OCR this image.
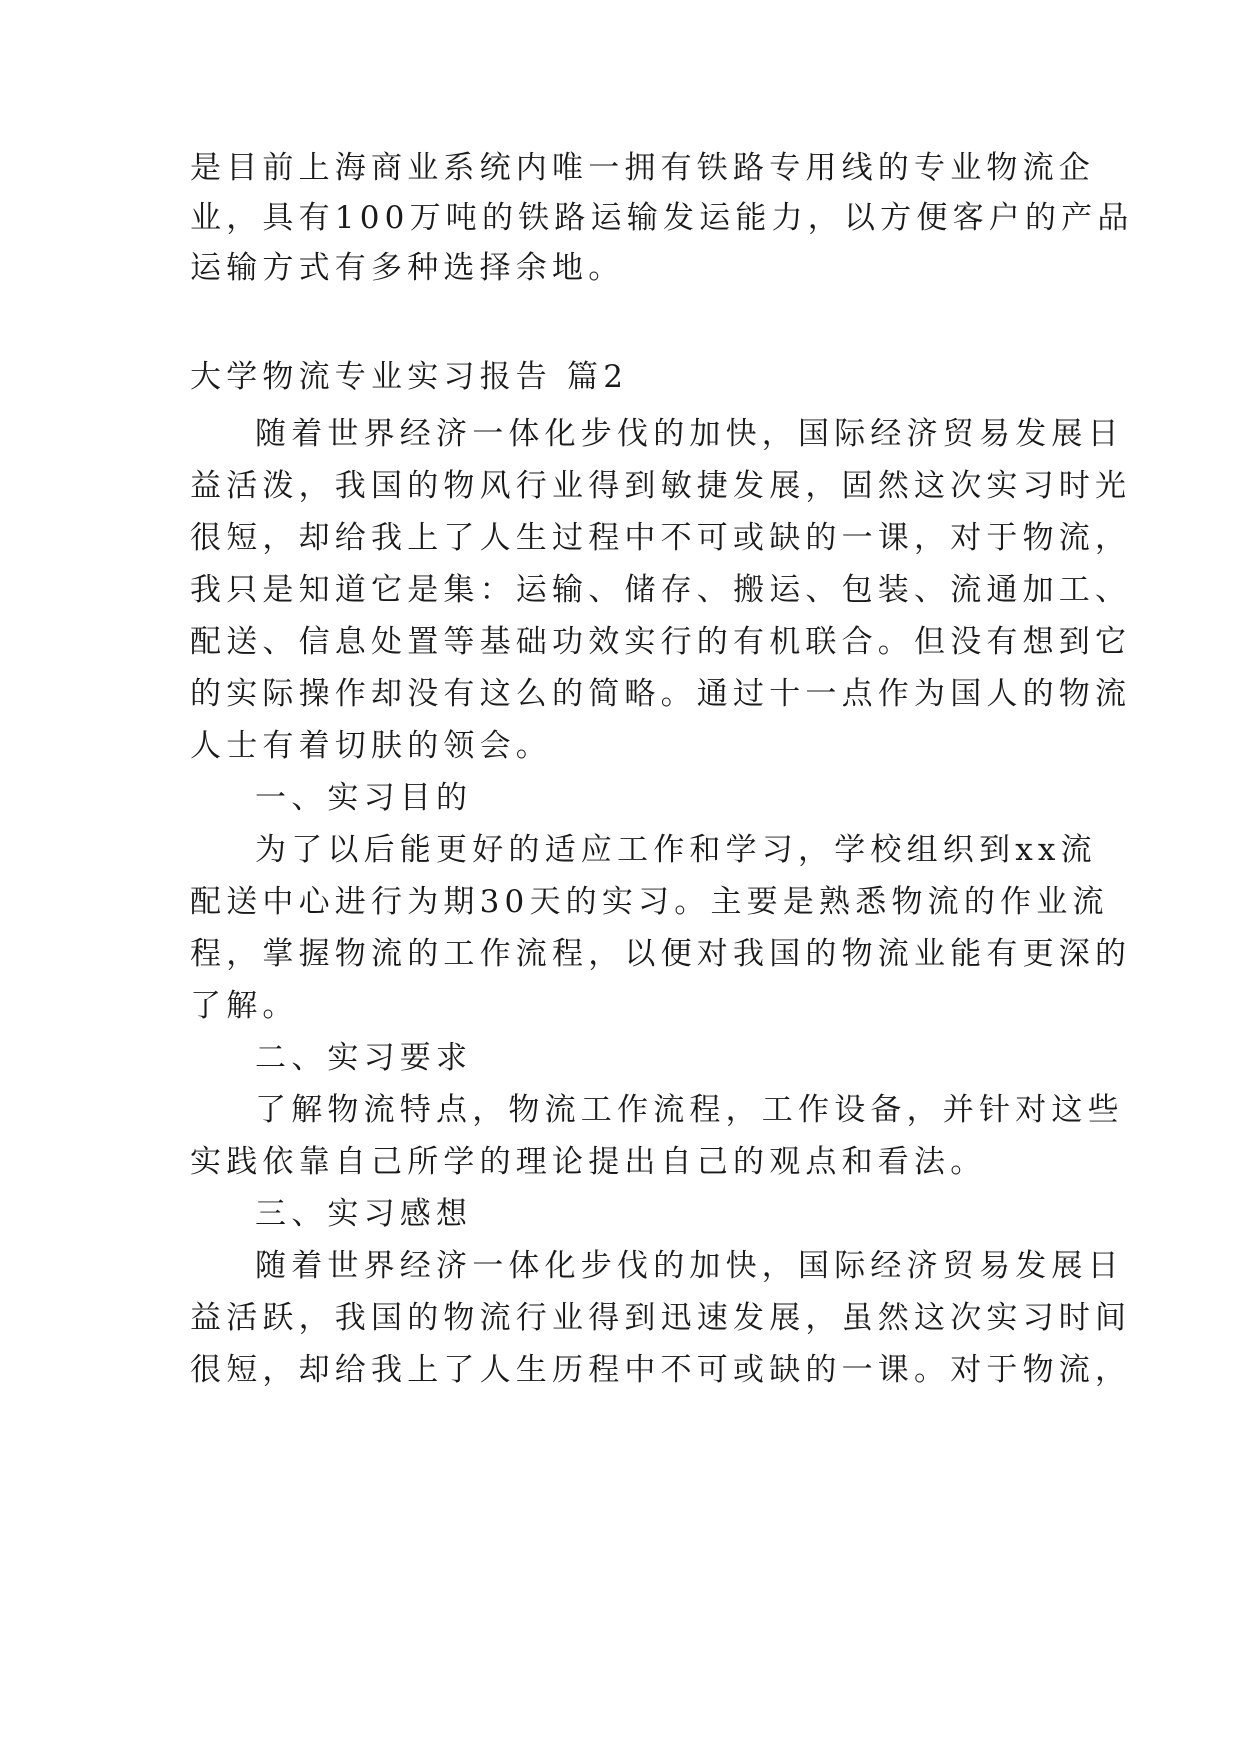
是目前上海商业系统内唯一拥有铁路专用线的专业物流企
业，具有100万吨的铁路运输发运能力，以方便客户的产品
运输方式有多种选择余地。
大学物流专业实习报告 篇2
随着世界经济一体化步伐的加快，国际经济贸易发展日
益活泼，我国的物风行业得到敏捷发展，固然这次实习时光
很短，却给我上了人生过程中不可或缺的一课，对于物流，
我只是知道它是集：运输、储存、搬运、包装、流通加工、
配送、信息处置等基础功效实行的有机联合。但没有想到它
的实际操作却没有这么的简略。通过十一点作为国人的物流
人士有着切肤的领会。
一、实习目的
为了以后能更好的适应工作和学习，学校组织到xx流
配送中心进行为期30天的实习。主要是熟悉物流的作业流
程，掌握物流的工作流程，以便对我国的物流业能有更深的
了解。
二、实习要求
了解物流特点，物流工作流程，工作设备，并针对这些
实践依靠自己所学的理论提出自己的观点和看法。
三、实习感想
随着世界经济一体化步伐的加快，国际经济贸易发展日
益活跃，我国的物流行业得到迅速发展，虽然这次实习时间
很短，却给我上了人生历程中不可或缺的一课。对于物流，
